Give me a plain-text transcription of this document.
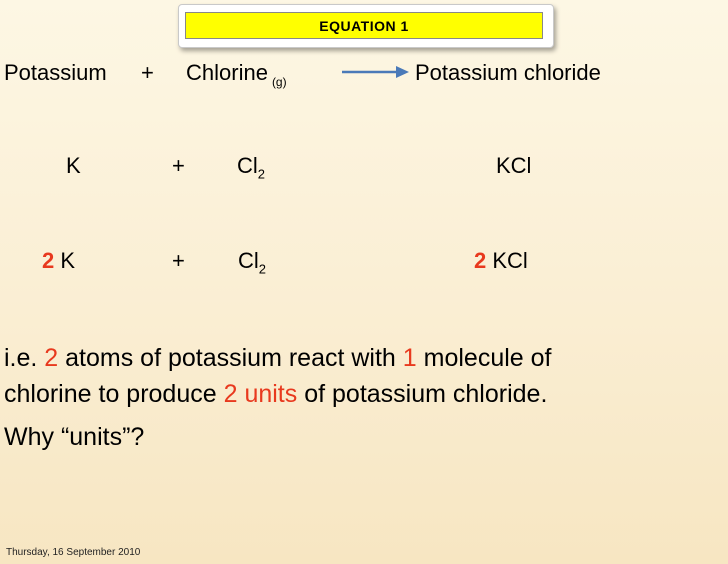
EQUATION 1
Potassium + Chlorine $_{(g)}$	Potassium chloride
K	+ $Cl_2$	KCl
2 K	+ $Cl_2$	2 KCl
i.e. 2 atoms of potassium react with 1 molecule of
chlorine to produce 2 units of potassium chloride.
Why “units”?
Thursday, 16 September 2010
